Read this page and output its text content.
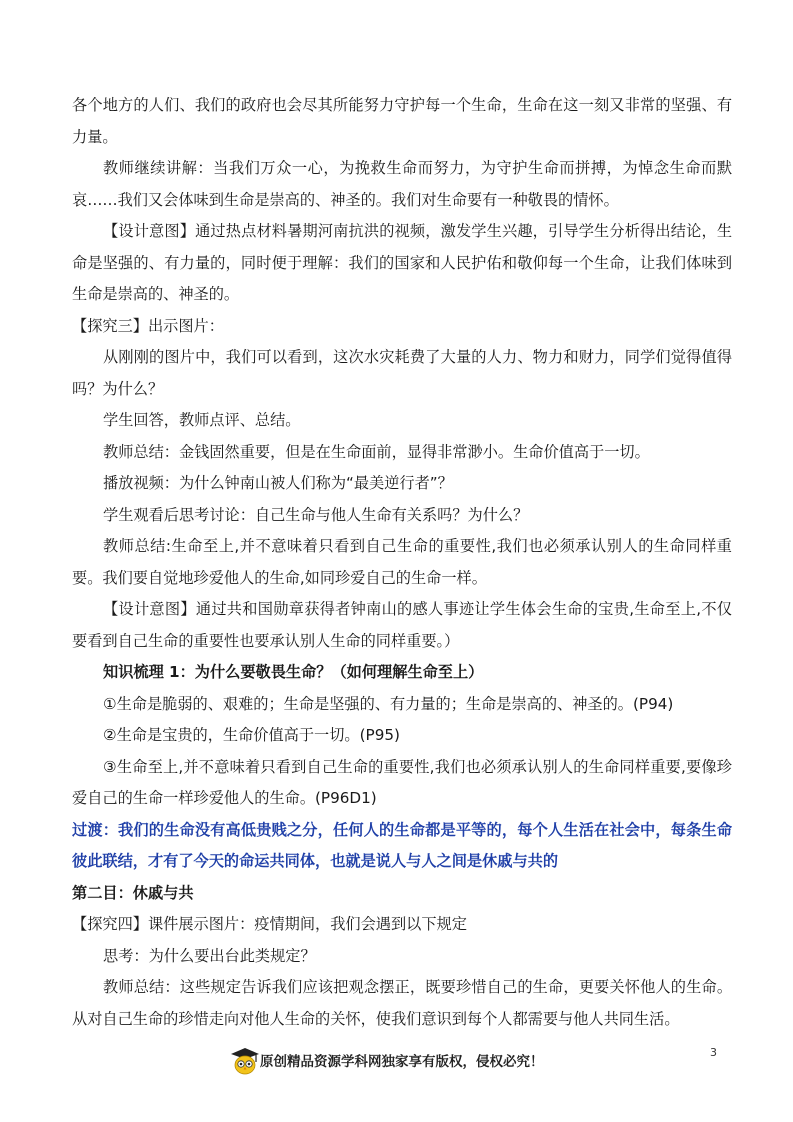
各个地方的人们、我们的政府也会尽其所能努力守护每一个生命，生命在这一刻又非常的坚强、有力量。

教师继续讲解：当我们万众一心，为挽救生命而努力，为守护生命而拼搏，为悼念生命而默哀……我们又会体味到生命是崇高的、神圣的。我们对生命要有一种敬畏的情怀。

【设计意图】通过热点材料暑期河南抗洪的视频，激发学生兴趣，引导学生分析得出结论，生命是坚强的、有力量的，同时便于理解：我们的国家和人民护佑和敬仰每一个生命，让我们体味到生命是崇高的、神圣的。

【探究三】出示图片：

从刚刚的图片中，我们可以看到，这次水灾耗费了大量的人力、物力和财力，同学们觉得值得吗？为什么？

学生回答，教师点评、总结。

教师总结：金钱固然重要，但是在生命面前，显得非常渺小。生命价值高于一切。

播放视频：为什么钟南山被人们称为“最美逆行者”？

学生观看后思考讨论：自己生命与他人生命有关系吗？为什么？

教师总结:生命至上,并不意味着只看到自己生命的重要性,我们也必须承认别人的生命同样重要。我们要自觉地珍爱他人的生命,如同珍爱自己的生命一样。

【设计意图】通过共和国勋章获得者钟南山的感人事迹让学生体会生命的宝贵,生命至上,不仅要看到自己生命的重要性也要承认别人生命的同样重要。）

知识梳理 1：为什么要敬畏生命？（如何理解生命至上）

①生命是脆弱的、艰难的；生命是坚强的、有力量的；生命是崇高的、神圣的。(P94)

②生命是宝贵的，生命价值高于一切。(P95)

③生命至上,并不意味着只看到自己生命的重要性,我们也必须承认别人的生命同样重要,要像珍爱自己的生命一样珍爱他人的生命。(P96D1)

过渡：我们的生命没有高低贵贱之分，任何人的生命都是平等的，每个人生活在社会中，每条生命彼此联结，才有了今天的命运共同体，也就是说人与人之间是休戚与共的

第二目：休戚与共

【探究四】课件展示图片：疫情期间，我们会遇到以下规定

思考：为什么要出台此类规定？

教师总结：这些规定告诉我们应该把观念摆正，既要珍惜自己的生命，更要关怀他人的生命。从对自己生命的珍惜走向对他人生命的关怀，使我们意识到每个人都需要与他人共同生活。

3
原创精品资源学科网独家享有版权，侵权必究！
